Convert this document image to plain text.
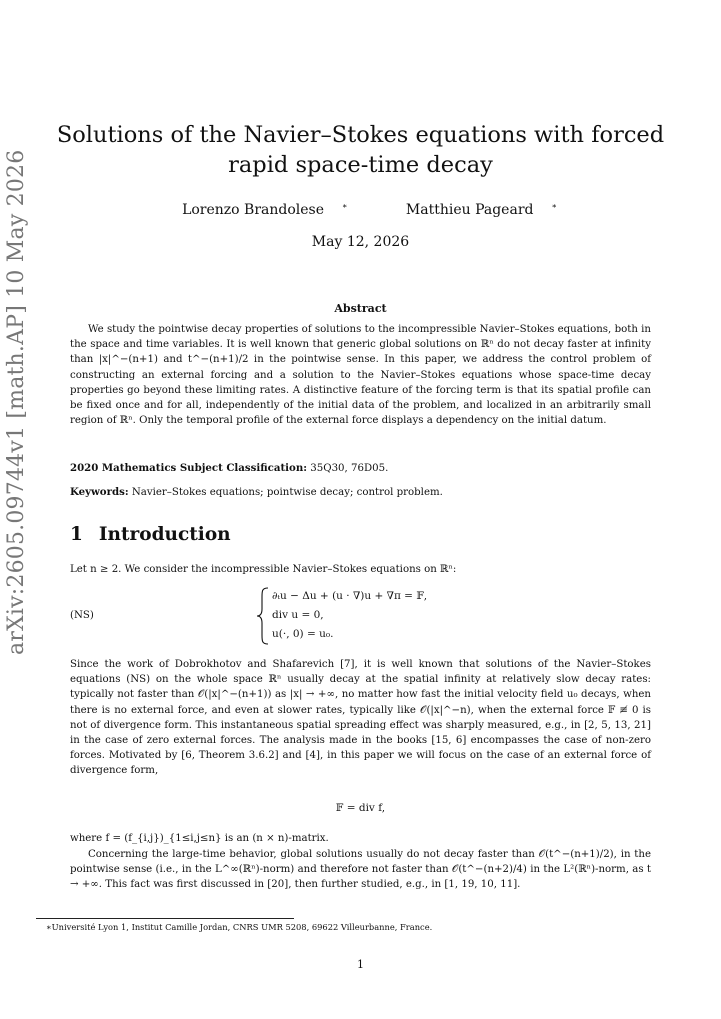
arXiv:2605.09744v1 [math.AP] 10 May 2026
Solutions of the Navier–Stokes equations with forced rapid space-time decay
Lorenzo Brandolese ∗	Matthieu Pageard ∗
May 12, 2026
Abstract

We study the pointwise decay properties of solutions to the incompressible Navier–Stokes equations, both in the space and time variables. It is well known that generic global solutions on ℝⁿ do not decay faster at infinity than |x|^−(n+1) and t^−(n+1)/2 in the pointwise sense. In this paper, we address the control problem of constructing an external forcing and a solution to the Navier–Stokes equations whose space-time decay properties go beyond these limiting rates. A distinctive feature of the forcing term is that its spatial profile can be fixed once and for all, independently of the initial data of the problem, and localized in an arbitrarily small region of ℝⁿ. Only the temporal profile of the external force displays a dependency on the initial datum.

2020 Mathematics Subject Classification: 35Q30, 76D05.
Keywords: Navier–Stokes equations; pointwise decay; control problem.
1 Introduction

Let n ≥ 2. We consider the incompressible Navier–Stokes equations on ℝⁿ:

(NS)
∂ₜu − Δu + (u · ∇)u + ∇π = 𝔽,
div u = 0,
u(·, 0) = u₀.

Since the work of Dobrokhotov and Shafarevich [7], it is well known that solutions of the Navier–Stokes equations (NS) on the whole space ℝⁿ usually decay at the spatial infinity at relatively slow decay rates: typically not faster than 𝒪(|x|^−(n+1)) as |x| → +∞, no matter how fast the initial velocity field u₀ decays, when there is no external force, and even at slower rates, typically like 𝒪(|x|^−n), when the external force 𝔽 ≢ 0 is not of divergence form. This instantaneous spatial spreading effect was sharply measured, e.g., in [2, 5, 13, 21] in the case of zero external forces. The analysis made in the books [15, 6] encompasses the case of non-zero forces. Motivated by [6, Theorem 3.6.2] and [4], in this paper we will focus on the case of an external force of divergence form,

𝔽 = div f,

where f = (f_{i,j})_{1≤i,j≤n} is an (n × n)-matrix.

Concerning the large-time behavior, global solutions usually do not decay faster than 𝒪(t^−(n+1)/2), in the pointwise sense (i.e., in the L^∞(ℝⁿ)-norm) and therefore not faster than 𝒪(t^−(n+2)/4) in the L²(ℝⁿ)-norm, as t → +∞. This fact was first discussed in [20], then further studied, e.g., in [1, 19, 10, 11].

∗Université Lyon 1, Institut Camille Jordan, CNRS UMR 5208, 69622 Villeurbanne, France.
1
